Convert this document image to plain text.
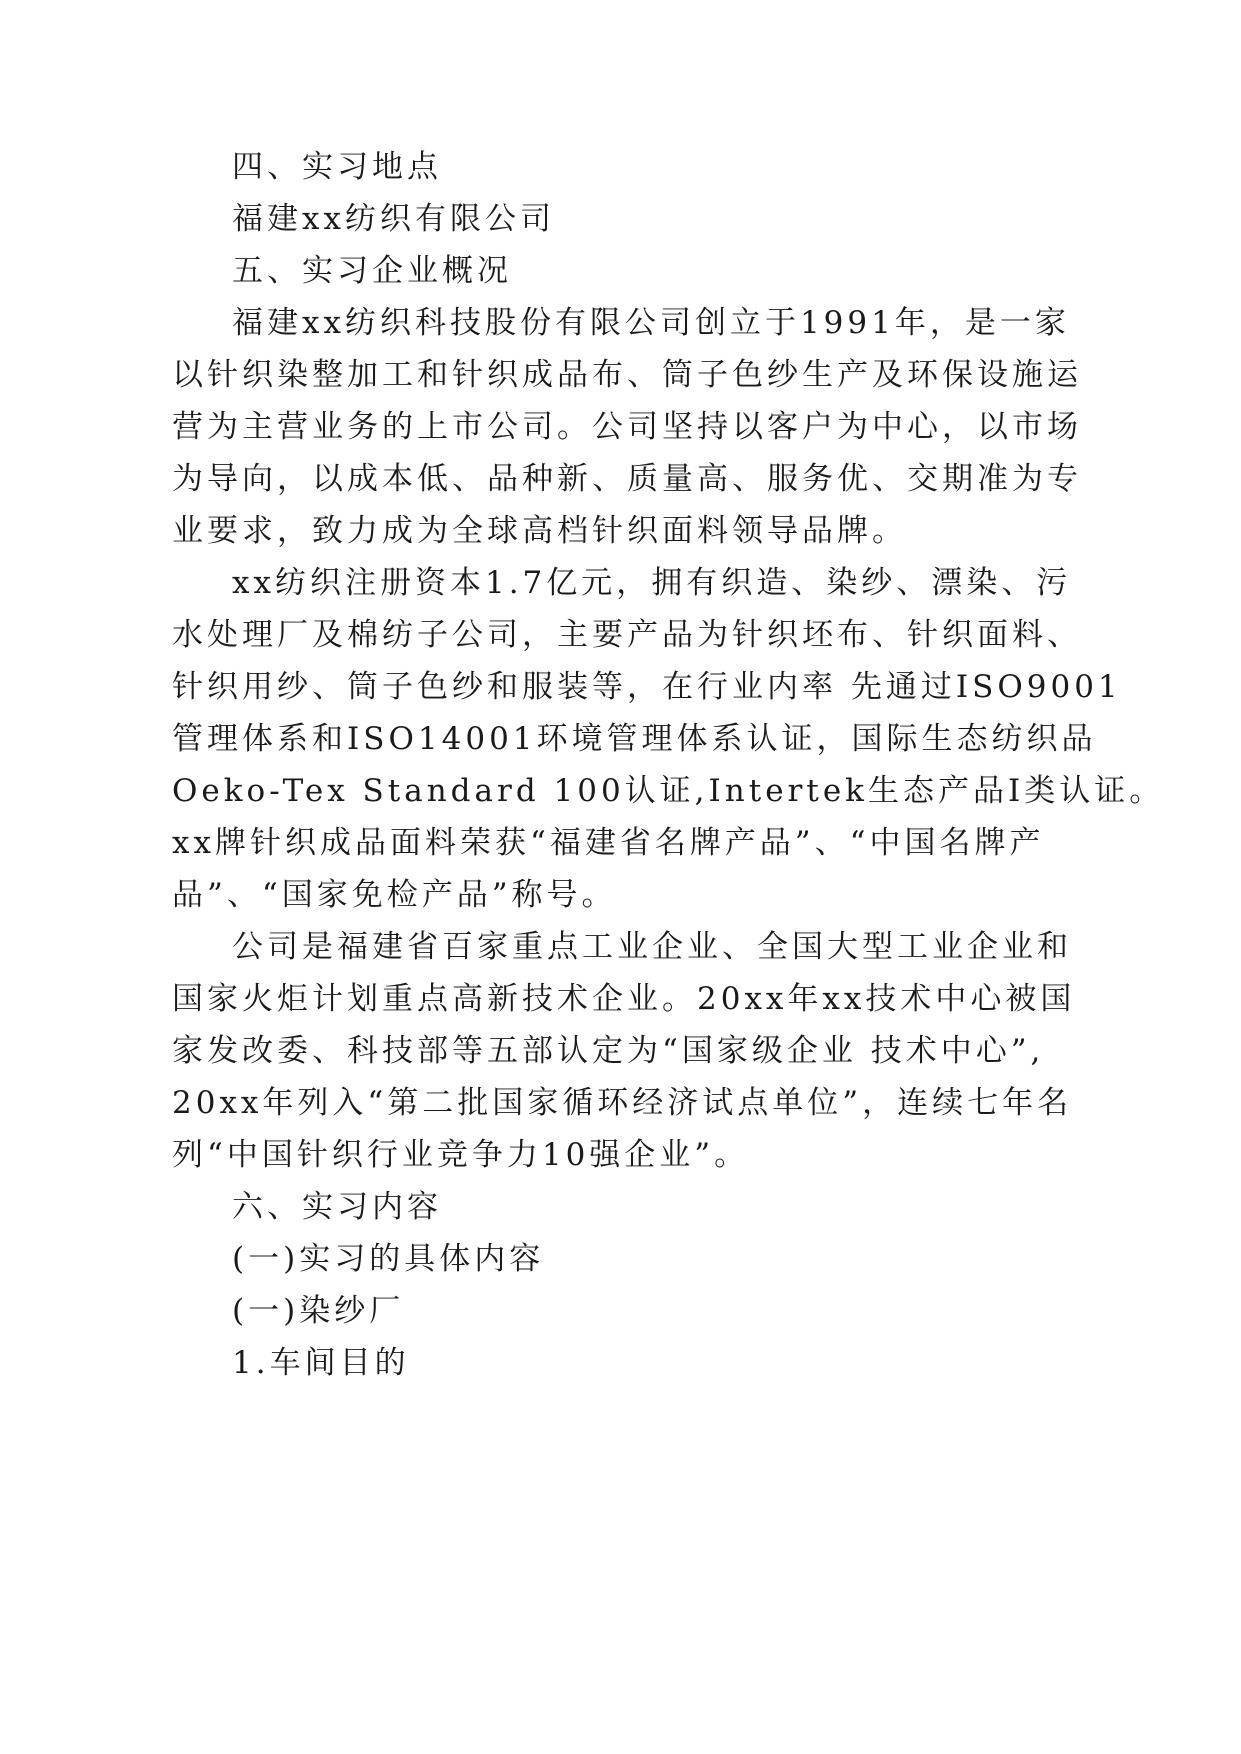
四、实习地点
福建xx纺织有限公司
五、实习企业概况
福建xx纺织科技股份有限公司创立于1991年，是一家
以针织染整加工和针织成品布、筒子色纱生产及环保设施运
营为主营业务的上市公司。公司坚持以客户为中心，以市场
为导向，以成本低、品种新、质量高、服务优、交期准为专
业要求，致力成为全球高档针织面料领导品牌。
xx纺织注册资本1.7亿元，拥有织造、染纱、漂染、污
水处理厂及棉纺子公司，主要产品为针织坯布、针织面料、
针织用纱、筒子色纱和服装等，在行业内率 先通过ISO9001
管理体系和ISO14001环境管理体系认证，国际生态纺织品
Oeko-Tex Standard 100认证,Intertek生态产品Ⅰ类认证。
xx牌针织成品面料荣获“福建省名牌产品”、“中国名牌产
品”、“国家免检产品”称号。
公司是福建省百家重点工业企业、全国大型工业企业和
国家火炬计划重点高新技术企业。20xx年xx技术中心被国
家发改委、科技部等五部认定为“国家级企业 技术中心”,
20xx年列入“第二批国家循环经济试点单位”，连续七年名
列“中国针织行业竞争力10强企业”。
六、实习内容
(一)实习的具体内容
(一)染纱厂
1.车间目的
